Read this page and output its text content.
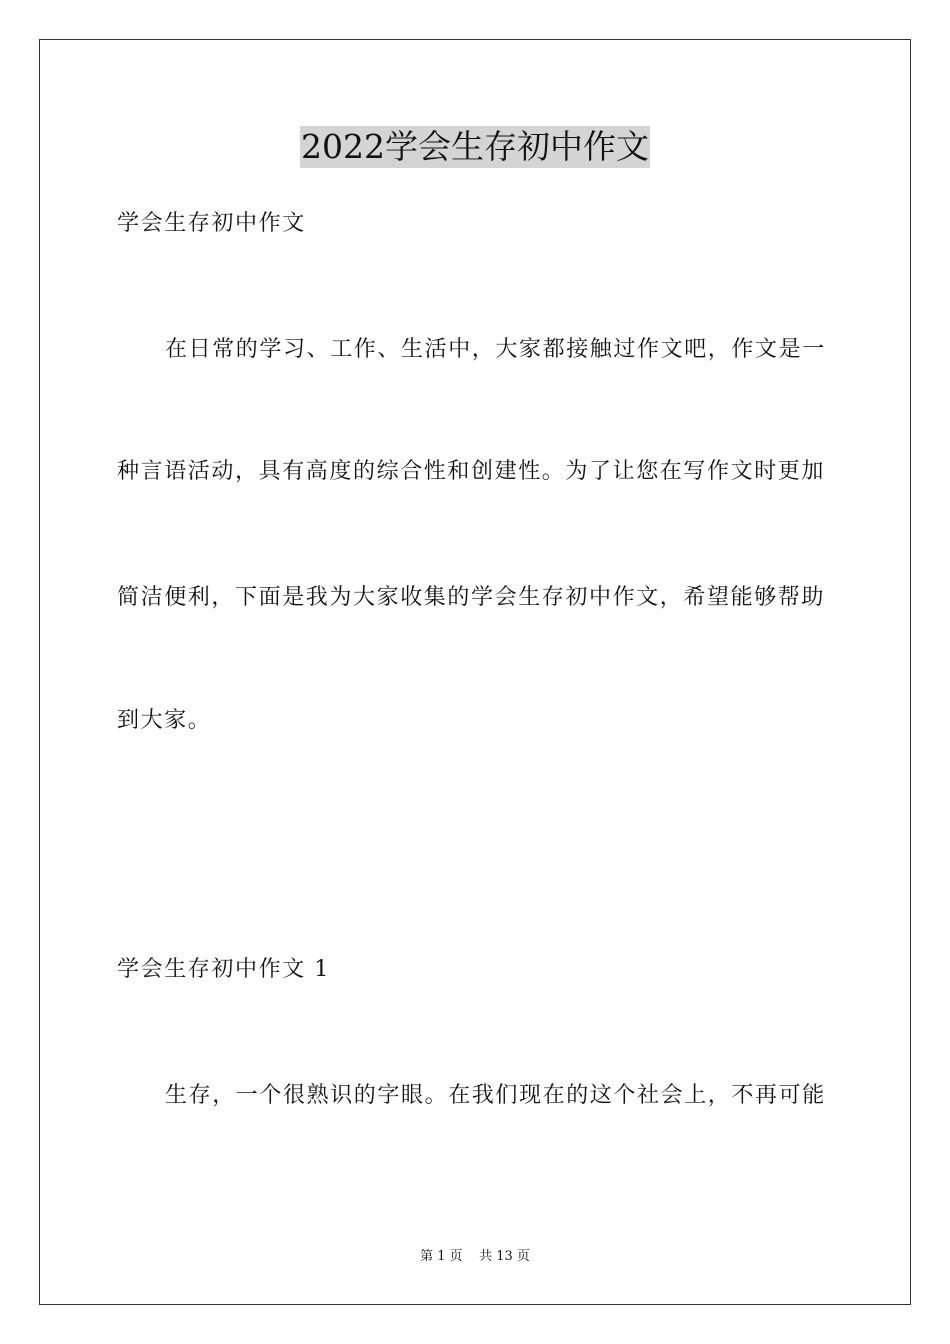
2022学会生存初中作文
学会生存初中作文
在日常的学习、工作、生活中，大家都接触过作文吧，作文是一
种言语活动，具有高度的综合性和创建性。为了让您在写作文时更加
简洁便利，下面是我为大家收集的学会生存初中作文，希望能够帮助
到大家。
学会生存初中作文 1
生存，一个很熟识的字眼。在我们现在的这个社会上，不再可能
第 1 页    共 13 页
